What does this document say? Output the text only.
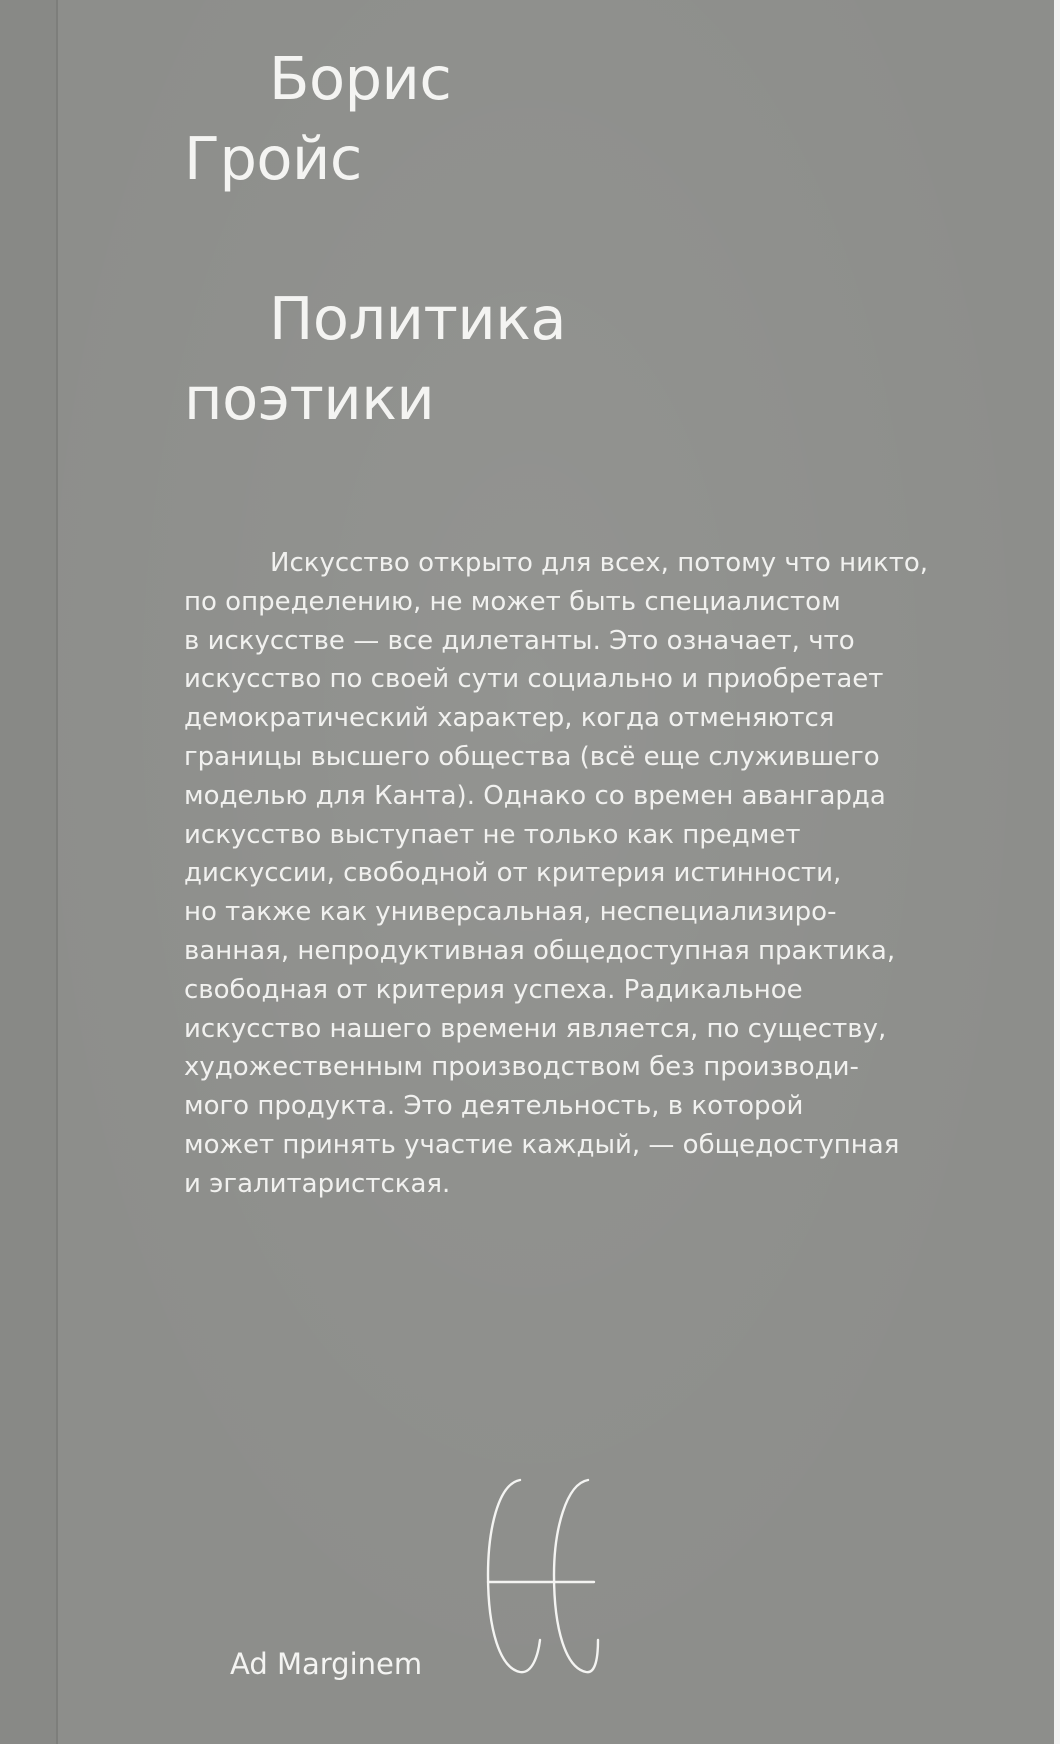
Борис
Гройс
Политика
поэтики
Искусство открыто для всех, потому что никто,
по определению, не может быть специалистом
в искусстве — все дилетанты. Это означает, что
искусство по своей сути социально и приобретает
демократический характер, когда отменяются
границы высшего общества (всё еще служившего
моделью для Канта). Однако со времен авангарда
искусство выступает не только как предмет
дискуссии, свободной от критерия истинности,
но также как универсальная, неспециализиро-
ванная, непродуктивная общедоступная практика,
свободная от критерия успеха. Радикальное
искусство нашего времени является, по существу,
художественным производством без производи-
мого продукта. Это деятельность, в которой
может принять участие каждый, — общедоступная
и эгалитаристская.
Ad Marginem
